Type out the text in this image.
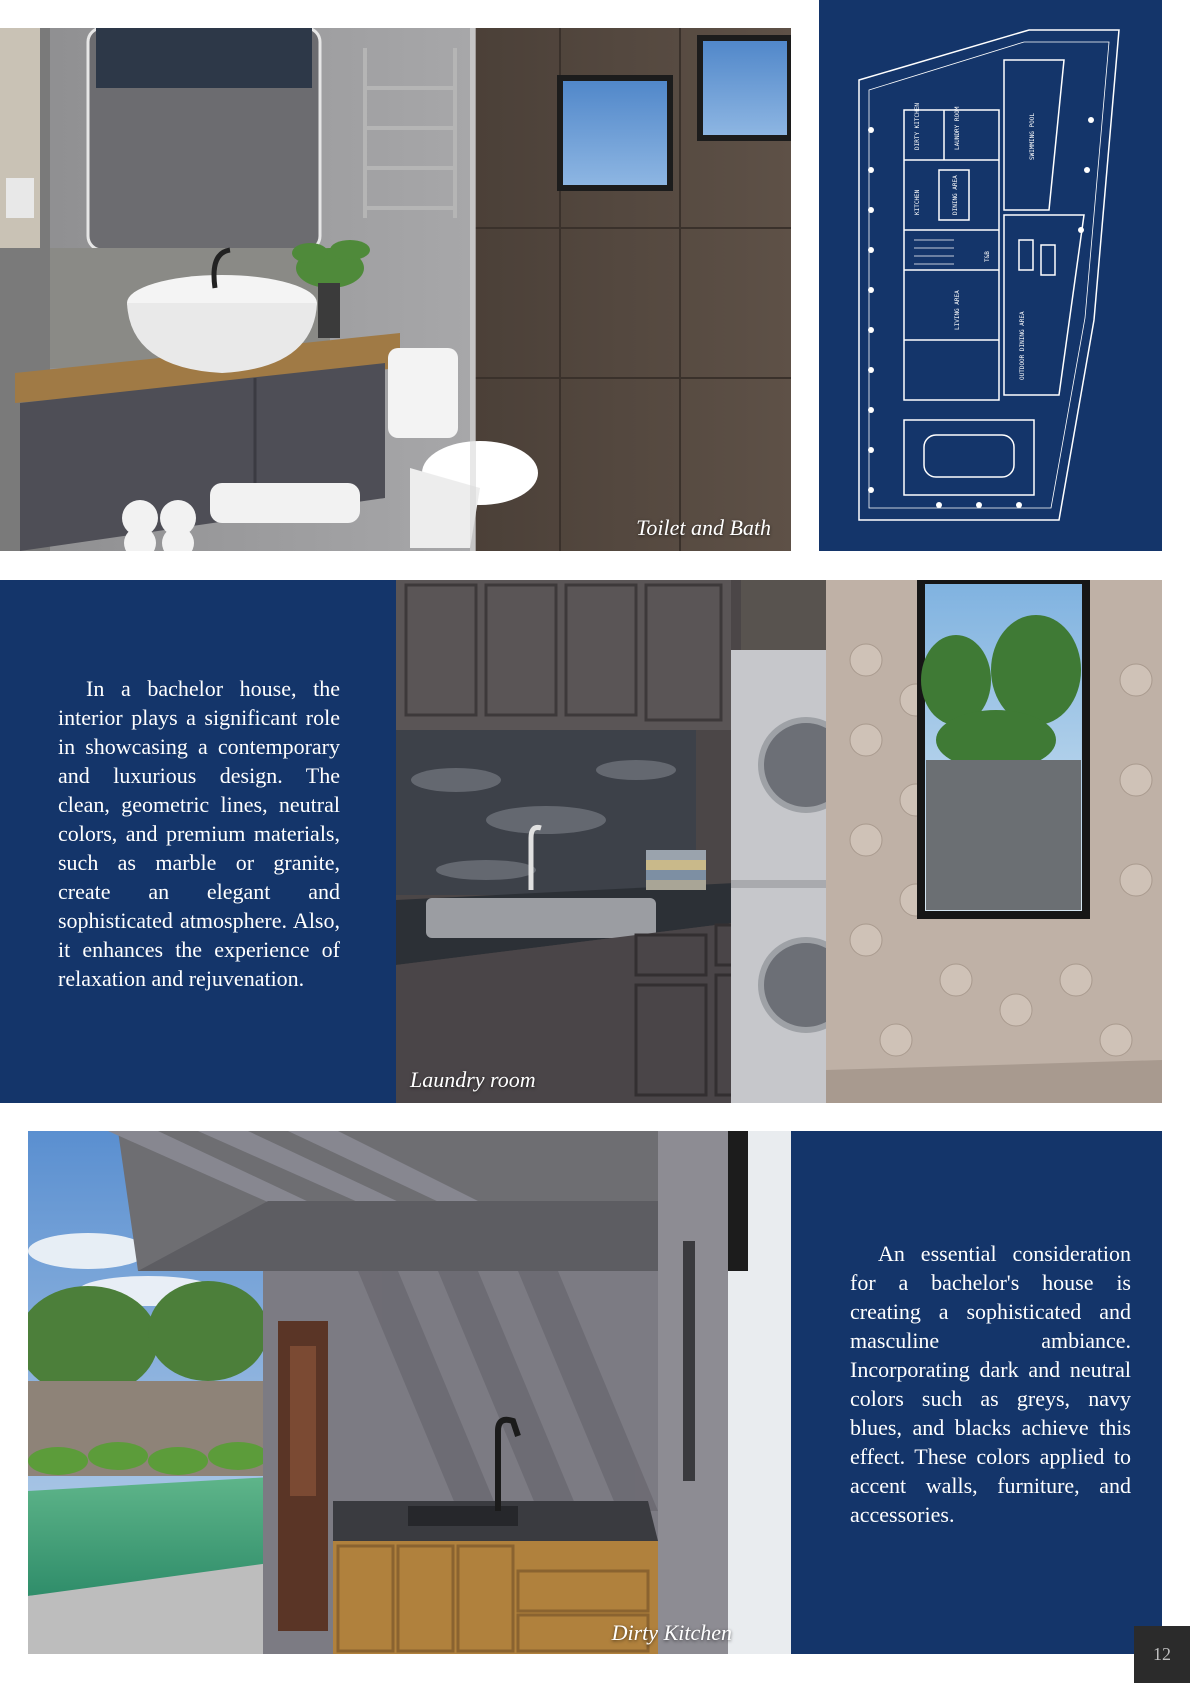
Toilet and Bath
DIRTY KITCHEN	LAUNDRY ROOM
KITCHEN	DINING AREA
LIVING AREA
OUTDOOR DINING AREA
SWIMMING POOL
T&B

In a bachelor house, the interior plays a significant role in showcasing a contemporary and luxurious design. The clean, geometric lines, neutral colors, and premium materials, such as marble or granite, create an elegant and sophisticated atmosphere. Also, it enhances the experience of relaxation and rejuvenation.

Laundry room
Dirty Kitchen

An essential consideration for a bachelor's house is creating a sophisticated and masculine ambiance. Incorporating dark and neutral colors such as greys, navy blues, and blacks achieve this effect. These colors applied to accent walls, furniture, and accessories.

12
